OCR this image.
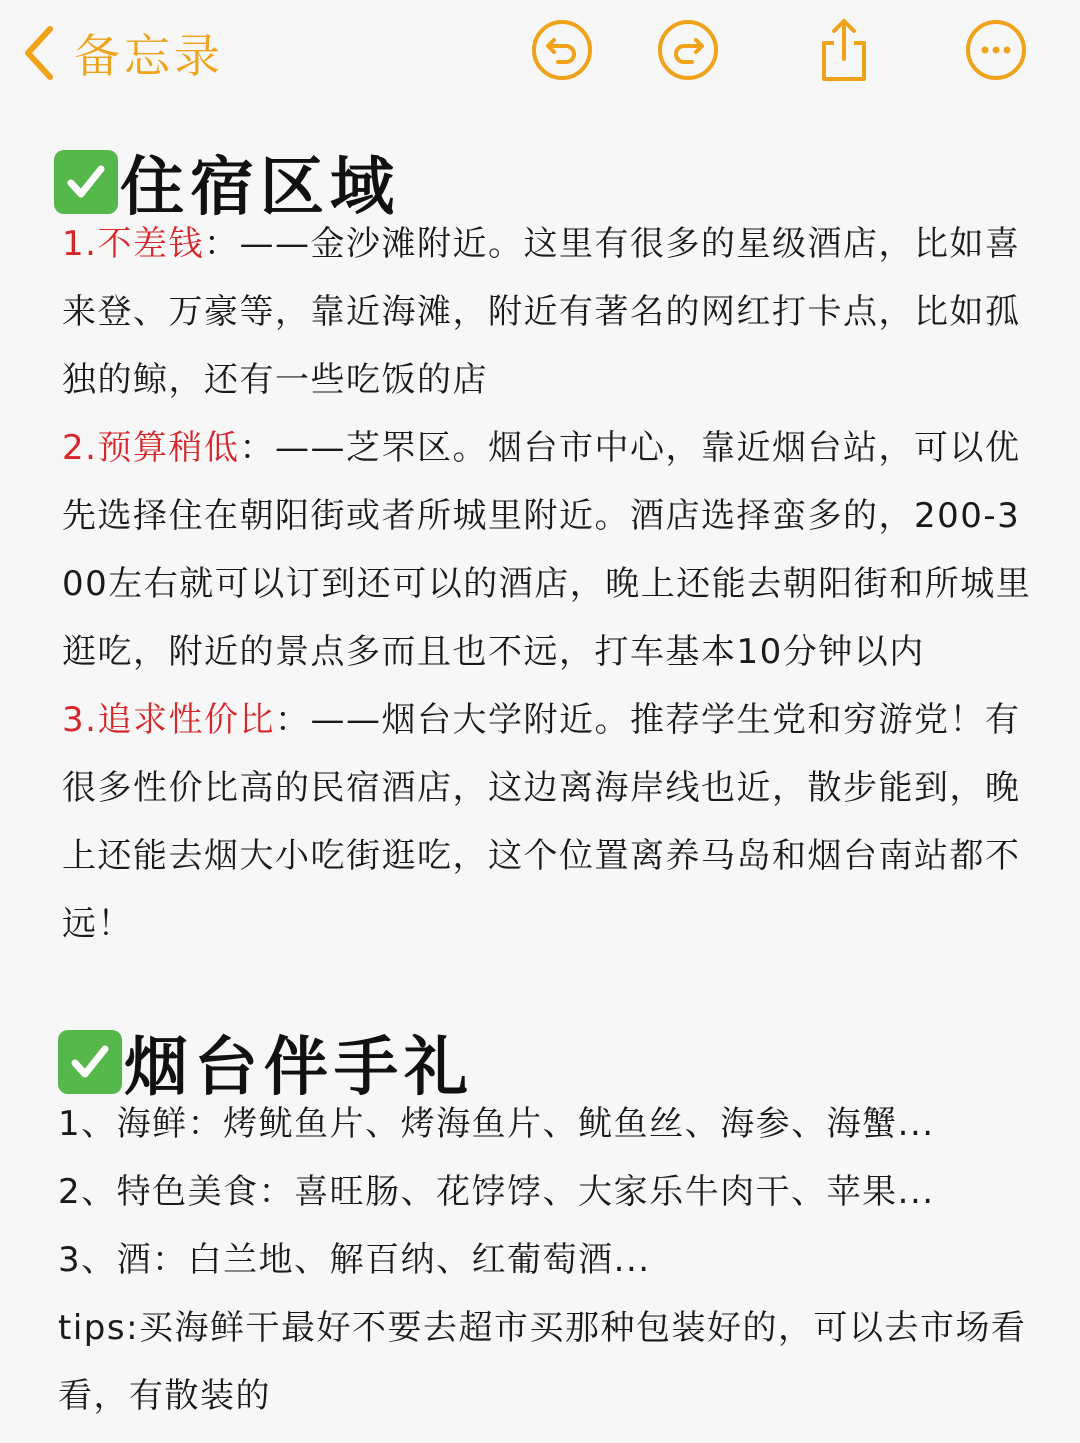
备忘录
住宿区域

1.不差钱：——金沙滩附近。这里有很多的星级酒店，比如喜来登、万豪等，靠近海滩，附近有著名的网红打卡点，比如孤独的鲸，还有一些吃饭的店

2.预算稍低：——芝罘区。烟台市中心，靠近烟台站，可以优先选择住在朝阳街或者所城里附近。酒店选择蛮多的，200-300左右就可以订到还可以的酒店，晚上还能去朝阳街和所城里逛吃，附近的景点多而且也不远，打车基本10分钟以内

3.追求性价比：——烟台大学附近。推荐学生党和穷游党！有很多性价比高的民宿酒店，这边离海岸线也近，散步能到，晚上还能去烟大小吃街逛吃，这个位置离养马岛和烟台南站都不远！

烟台伴手礼

1、海鲜：烤鱿鱼片、烤海鱼片、鱿鱼丝、海参、海蟹...

2、特色美食：喜旺肠、花饽饽、大家乐牛肉干、苹果...

3、酒：白兰地、解百纳、红葡萄酒...

tips:买海鲜干最好不要去超市买那种包装好的，可以去市场看看，有散装的
